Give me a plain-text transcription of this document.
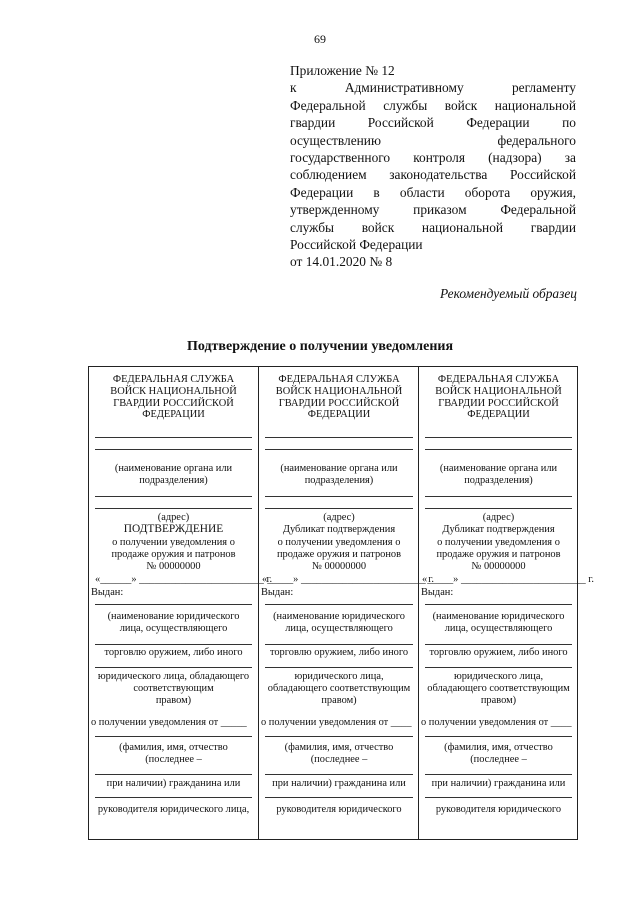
69
Приложение № 12
к Административному регламенту
Федеральной службы войск национальной
гвардии Российской Федерации по
осуществлению федерального
государственного контроля (надзора) за
соблюдением законодательства Российской
Федерации в области оборота оружия,
утвержденному приказом Федеральной
службы войск национальной гвардии
Российской Федерации
от 14.01.2020 № 8
Рекомендуемый образец
Подтверждение о получении уведомления
ФЕДЕРАЛЬНАЯ СЛУЖБА
ВОЙСК НАЦИОНАЛЬНОЙ
ГВАРДИИ РОССИЙСКОЙ
ФЕДЕРАЦИИ
(наименование органа или
подразделения)
(адрес)
ПОДТВЕРЖДЕНИЕ
о получении уведомления о
продаже оружия и патронов
№ 00000000
«______» ________________________ г.
Выдан:
(наименование юридического
лица, осуществляющего
торговлю оружием, либо иного
юридического лица, обладающего
соответствующим
правом)
о получении уведомления от _____
(фамилия, имя, отчество
(последнее –
при наличии) гражданина или
руководителя юридического лица,
ФЕДЕРАЛЬНАЯ СЛУЖБА
ВОЙСК НАЦИОНАЛЬНОЙ
ГВАРДИИ РОССИЙСКОЙ
ФЕДЕРАЦИИ
(наименование органа или
подразделения)
(адрес)
Дубликат подтверждения
о получении уведомления о
продаже оружия и патронов
№ 00000000
«_____» ________________________ г.
Выдан:
(наименование юридического
лица, осуществляющего
торговлю оружием, либо иного
юридического лица,
обладающего соответствующим
правом)
о получении уведомления от ____
(фамилия, имя, отчество
(последнее –
при наличии) гражданина или
руководителя юридического
ФЕДЕРАЛЬНАЯ СЛУЖБА
ВОЙСК НАЦИОНАЛЬНОЙ
ГВАРДИИ РОССИЙСКОЙ
ФЕДЕРАЦИИ
(наименование органа или
подразделения)
(адрес)
Дубликат подтверждения
о получении уведомления о
продаже оружия и патронов
№ 00000000
«_____» ________________________ г.
Выдан:
(наименование юридического
лица, осуществляющего
торговлю оружием, либо иного
юридического лица,
обладающего соответствующим
правом)
о получении уведомления от ____
(фамилия, имя, отчество
(последнее –
при наличии) гражданина или
руководителя юридического
